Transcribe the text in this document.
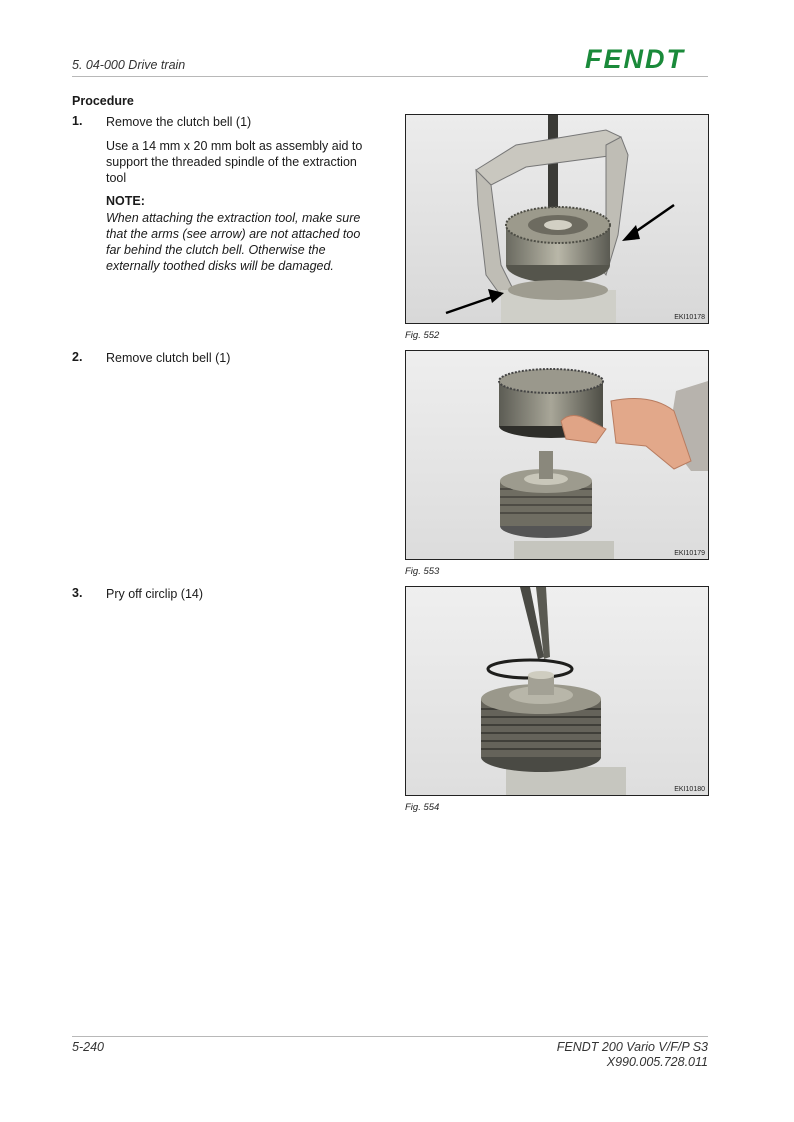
5. 04-000 Drive train	FENDT
Procedure
1. Remove the clutch bell (1)
Use a 14 mm x 20 mm bolt as assembly aid to support the threaded spindle of the extraction tool
NOTE:
When attaching the extraction tool, make sure that the arms (see arrow) are not attached too far behind the clutch bell. Otherwise the externally toothed disks will be damaged.
EKI10178
Fig. 552
2. Remove clutch bell (1)
EKI10179
Fig. 553
3. Pry off circlip (14)
EKI10180
Fig. 554
5-240	FENDT 200 Vario V/F/P S3
X990.005.728.011
